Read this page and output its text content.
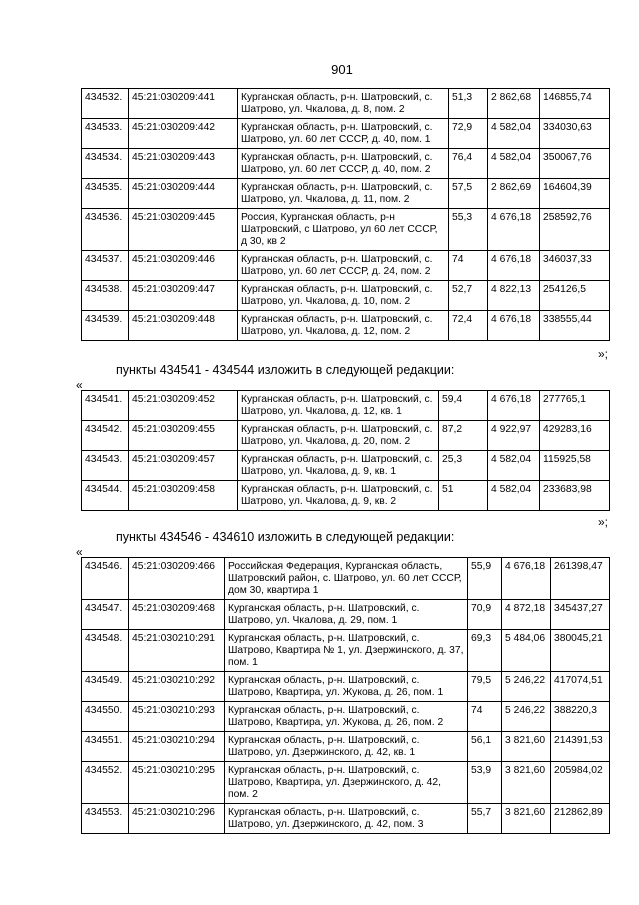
901
434532.	45:21:030209:441	Курганская область, р-н. Шатровский, с. Шатрово, ул. Чкалова, д. 8, пом. 2	51,3	2 862,68	146855,74
434533.	45:21:030209:442	Курганская область, р-н. Шатровский, с. Шатрово, ул. 60 лет СССР, д. 40, пом. 1	72,9	4 582,04	334030,63
434534.	45:21:030209:443	Курганская область, р-н. Шатровский, с. Шатрово, ул. 60 лет СССР, д. 40, пом. 2	76,4	4 582,04	350067,76
434535.	45:21:030209:444	Курганская область, р-н. Шатровский, с. Шатрово, ул. Чкалова, д. 11, пом. 2	57,5	2 862,69	164604,39
434536.	45:21:030209:445	Россия, Курганская область, р-н Шатровский, с Шатрово, ул 60 лет СССР, д 30, кв 2	55,3	4 676,18	258592,76
434537.	45:21:030209:446	Курганская область, р-н. Шатровский, с. Шатрово, ул. 60 лет СССР, д. 24, пом. 2	74	4 676,18	346037,33
434538.	45:21:030209:447	Курганская область, р-н. Шатровский, с. Шатрово, ул. Чкалова, д. 10, пом. 2	52,7	4 822,13	254126,5
434539.	45:21:030209:448	Курганская область, р-н. Шатровский, с. Шатрово, ул. Чкалова, д. 12, пом. 2	72,4	4 676,18	338555,44
»;
пункты 434541 - 434544 изложить в следующей редакции:
«
434541.	45:21:030209:452	Курганская область, р-н. Шатровский, с. Шатрово, ул. Чкалова, д. 12, кв. 1	59,4	4 676,18	277765,1
434542.	45:21:030209:455	Курганская область, р-н. Шатровский, с. Шатрово, ул. Чкалова, д. 20, пом. 2	87,2	4 922,97	429283,16
434543.	45:21:030209:457	Курганская область, р-н. Шатровский, с. Шатрово, ул. Чкалова, д. 9, кв. 1	25,3	4 582,04	115925,58
434544.	45:21:030209:458	Курганская область, р-н. Шатровский, с. Шатрово, ул. Чкалова, д. 9, кв. 2	51	4 582,04	233683,98
»;
пункты 434546 - 434610 изложить в следующей редакции:
«
434546.	45:21:030209:466	Российская Федерация, Курганская область, Шатровский район, с. Шатрово, ул. 60 лет СССР, дом 30, квартира 1	55,9	4 676,18	261398,47
434547.	45:21:030209:468	Курганская область, р-н. Шатровский, с. Шатрово, ул. Чкалова, д. 29, пом. 1	70,9	4 872,18	345437,27
434548.	45:21:030210:291	Курганская область, р-н. Шатровский, с. Шатрово, Квартира № 1, ул. Дзержинского, д. 37, пом. 1	69,3	5 484,06	380045,21
434549.	45:21:030210:292	Курганская область, р-н. Шатровский, с. Шатрово, Квартира, ул. Жукова, д. 26, пом. 1	79,5	5 246,22	417074,51
434550.	45:21:030210:293	Курганская область, р-н. Шатровский, с. Шатрово, Квартира, ул. Жукова, д. 26, пом. 2	74	5 246,22	388220,3
434551.	45:21:030210:294	Курганская область, р-н. Шатровский, с. Шатрово, ул. Дзержинского, д. 42, кв. 1	56,1	3 821,60	214391,53
434552.	45:21:030210:295	Курганская область, р-н. Шатровский, с. Шатрово, Квартира, ул. Дзержинского, д. 42, пом. 2	53,9	3 821,60	205984,02
434553.	45:21:030210:296	Курганская область, р-н. Шатровский, с. Шатрово, ул. Дзержинского, д. 42, пом. 3	55,7	3 821,60	212862,89
